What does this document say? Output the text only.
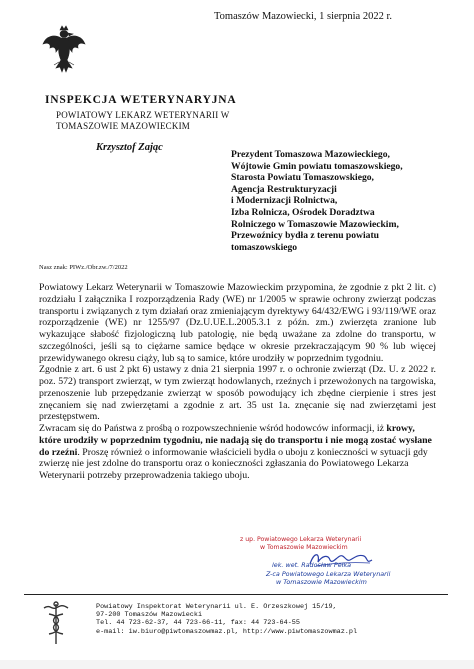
Tomaszów Mazowiecki, 1 sierpnia 2022 r.
INSPEKCJA WETERYNARYJNA
POWIATOWY LEKARZ WETERYNARII W
TOMASZOWIE MAZOWIECKIM
Krzysztof Zając
Prezydent Tomaszowa Mazowieckiego,
Wójtowie Gmin powiatu tomaszowskiego,
Starosta Powiatu Tomaszowskiego,
Agencja Restrukturyzacji
i Modernizacji Rolnictwa,
Izba Rolnicza, Ośrodek Doradztwa
Rolniczego w Tomaszowie Mazowieckim,
Przewoźnicy bydła z terenu powiatu
tomaszowskiego
Nasz znak: PIWz./Obr.zw./7/2022

Powiatowy Lekarz Weterynarii w Tomaszowie Mazowieckim przypomina, że zgodnie z pkt 2 lit. c) rozdziału I załącznika I rozporządzenia Rady (WE) nr 1/2005 w sprawie ochrony zwierząt podczas transportu i związanych z tym działań oraz zmieniającym dyrektywy 64/432/EWG i 93/119/WE oraz rozporządzenie (WE) nr 1255/97 (Dz.U.UE.L.2005.3.1 z późn. zm.) zwierzęta zranione lub wykazujące słabość fizjologiczną lub patologię, nie będą uważane za zdolne do transportu, w szczególności, jeśli są to ciężarne samice będące w okresie przekraczającym 90 % lub więcej przewidywanego okresu ciąży, lub są to samice, które urodziły w poprzednim tygodniu.

Zgodnie z art. 6 ust 2 pkt 6) ustawy z dnia 21 sierpnia 1997 r. o ochronie zwierząt (Dz. U. z 2022 r. poz. 572) transport zwierząt, w tym zwierząt hodowlanych, rzeźnych i przewożonych na targowiska, przenoszenie lub przepędzanie zwierząt w sposób powodujący ich zbędne cierpienie i stres jest znęcaniem się nad zwierzętami a zgodnie z art. 35 ust 1a. znęcanie się nad zwierzętami jest przestępstwem.

Zwracam się do Państwa z prośbą o rozpowszechnienie wśród hodowców informacji, iż krowy, które urodziły w poprzednim tygodniu, nie nadają się do transportu i nie mogą zostać wysłane do rzeźni. Proszę również o informowanie właścicieli bydła o uboju z konieczności w sytuacji gdy zwierzę nie jest zdolne do transportu oraz o konieczności zgłaszania do Powiatowego Lekarza Weterynarii potrzeby przeprowadzenia takiego uboju.

z up. Powiatowego Lekarza Weterynarii
w Tomaszowie Mazowieckim
lek. wet. Radosław Pełka
Z-ca Powiatowego Lekarza Weterynarii
w Tomaszowie Mazowieckim
Powiatowy Inspektorat Weterynarii ul. E. Orzeszkowej 15/19,
97-200 Tomaszów Mazowiecki
Tel. 44 723-62-37, 44 723-66-11, fax: 44 723-64-55
e-mail: iw.biuro@piwtomaszowmaz.pl, http://www.piwtomaszowmaz.pl
